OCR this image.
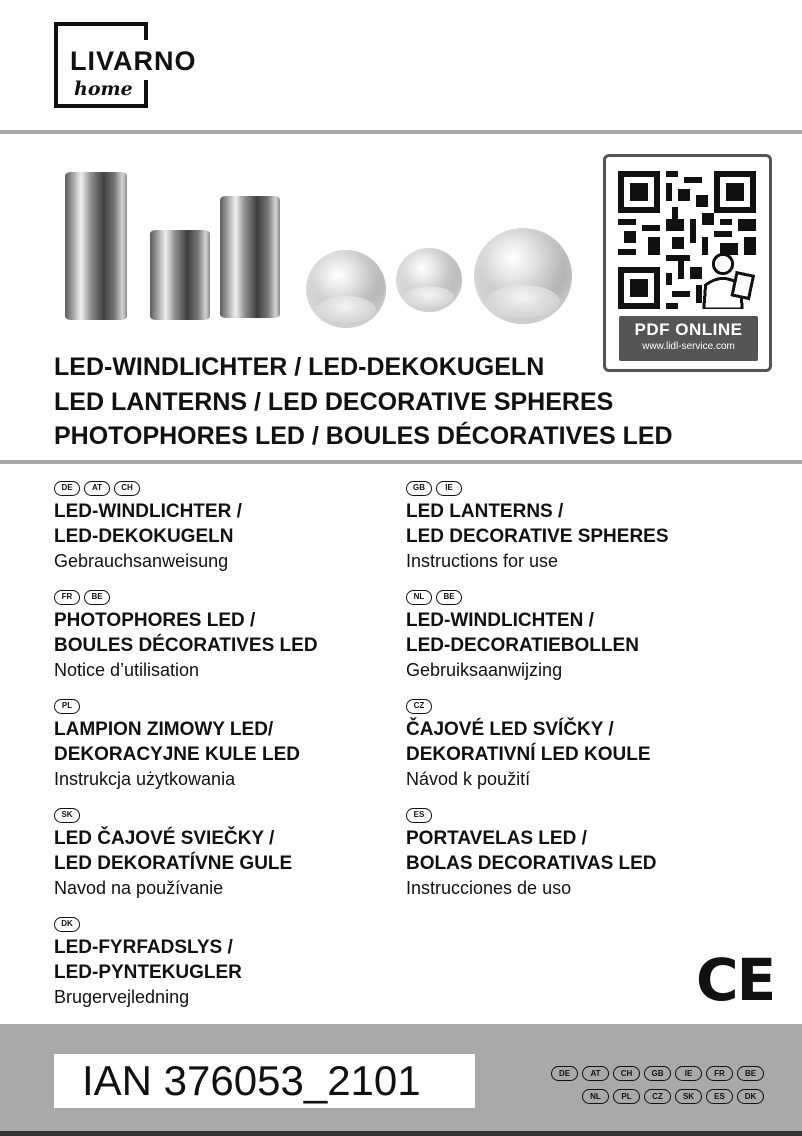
LIVARNO
home
PDF ONLINE
www.lidl-service.com
LED-WINDLICHTER / LED-DEKOKUGELN
LED LANTERNS / LED DECORATIVE SPHERES
PHOTOPHORES LED / BOULES DÉCORATIVES LED
DE	AT	CH
LED-WINDLICHTER /
LED-DEKOKUGELN
Gebrauchsanweisung
FR	BE
PHOTOPHORES LED /
BOULES DÉCORATIVES LED
Notice d’utilisation
PL
LAMPION ZIMOWY LED/
DEKORACYJNE KULE LED
Instrukcja użytkowania
SK
LED ČAJOVÉ SVIEČKY /
LED DEKORATÍVNE GULE
Navod na používanie
DK
LED-FYRFADSLYS /
LED-PYNTEKUGLER
Brugervejledning
GB	IE
LED LANTERNS /
LED DECORATIVE SPHERES
Instructions for use
NL	BE
LED-WINDLICHTEN /
LED-DECORATIEBOLLEN
Gebruiksaanwijzing
CZ
ČAJOVÉ LED SVÍČKY /
DEKORATIVNÍ LED KOULE
Návod k použití
ES
PORTAVELAS LED /
BOLAS DECORATIVAS LED
Instrucciones de uso
CE
IAN 376053_2101	DE	AT	CH	GB	IE	FR	BE
NL	PL	CZ	SK	ES	DK
